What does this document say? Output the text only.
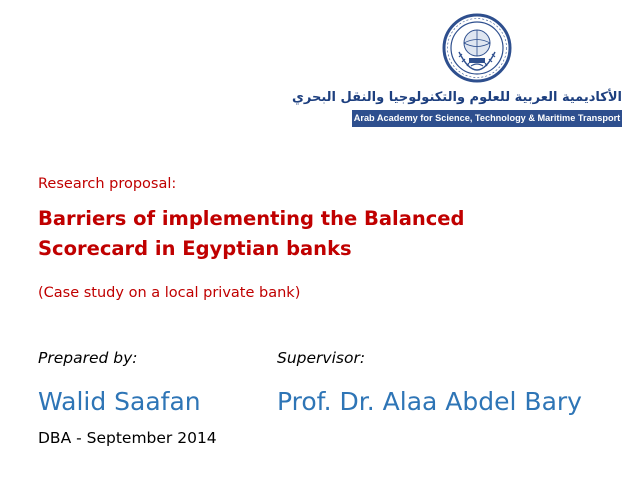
الأكاديمية العربية للعلوم والتكنولوجيا والنقل البحري
Arab Academy for Science, Technology & Maritime Transport
Research proposal:
Barriers of implementing the Balanced
Scorecard in Egyptian banks
(Case study on a local private bank)
Prepared by:	Supervisor:
Walid Saafan	Prof. Dr. Alaa Abdel Bary
DBA - September 2014
